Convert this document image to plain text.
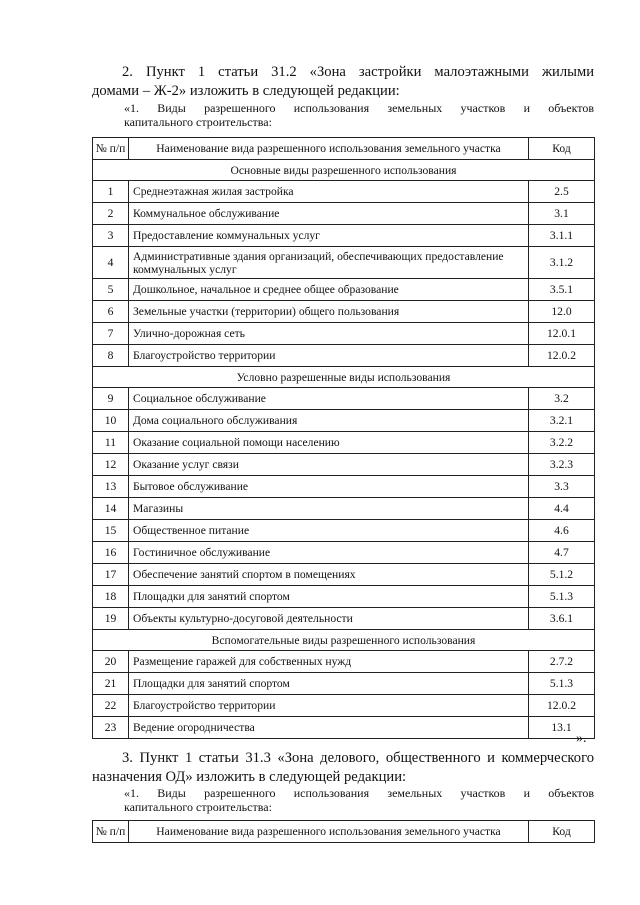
2. Пункт 1 статьи 31.2 «Зона застройки малоэтажными жилыми
домами – Ж-2» изложить в следующей редакции:
«1. Виды разрешенного использования земельных участков и объектов
капитального строительства:
№ п/п	Наименование вида разрешенного использования земельного участка	Код
Основные виды разрешенного использования		
1	Среднеэтажная жилая застройка	2.5
2	Коммунальное обслуживание	3.1
3	Предоставление коммунальных услуг	3.1.1
4	Административные здания организаций, обеспечивающих предоставление коммунальных услуг	3.1.2
5	Дошкольное, начальное и среднее общее образование	3.5.1
6	Земельные участки (территории) общего пользования	12.0
7	Улично-дорожная сеть	12.0.1
8	Благоустройство территории	12.0.2
Условно разрешенные виды использования		
9	Социальное обслуживание	3.2
10	Дома социального обслуживания	3.2.1
11	Оказание социальной помощи населению	3.2.2
12	Оказание услуг связи	3.2.3
13	Бытовое обслуживание	3.3
14	Магазины	4.4
15	Общественное питание	4.6
16	Гостиничное обслуживание	4.7
17	Обеспечение занятий спортом в помещениях	5.1.2
18	Площадки для занятий спортом	5.1.3
19	Объекты культурно-досуговой деятельности	3.6.1
Вспомогательные виды разрешенного использования		
20	Размещение гаражей для собственных нужд	2.7.2
21	Площадки для занятий спортом	5.1.3
22	Благоустройство территории	12.0.2
23	Ведение огородничества	13.1
».
3. Пункт 1 статьи 31.3 «Зона делового, общественного и коммерческого
назначения ОД» изложить в следующей редакции:
«1. Виды разрешенного использования земельных участков и объектов
капитального строительства:
№ п/п	Наименование вида разрешенного использования земельного участка	Код
